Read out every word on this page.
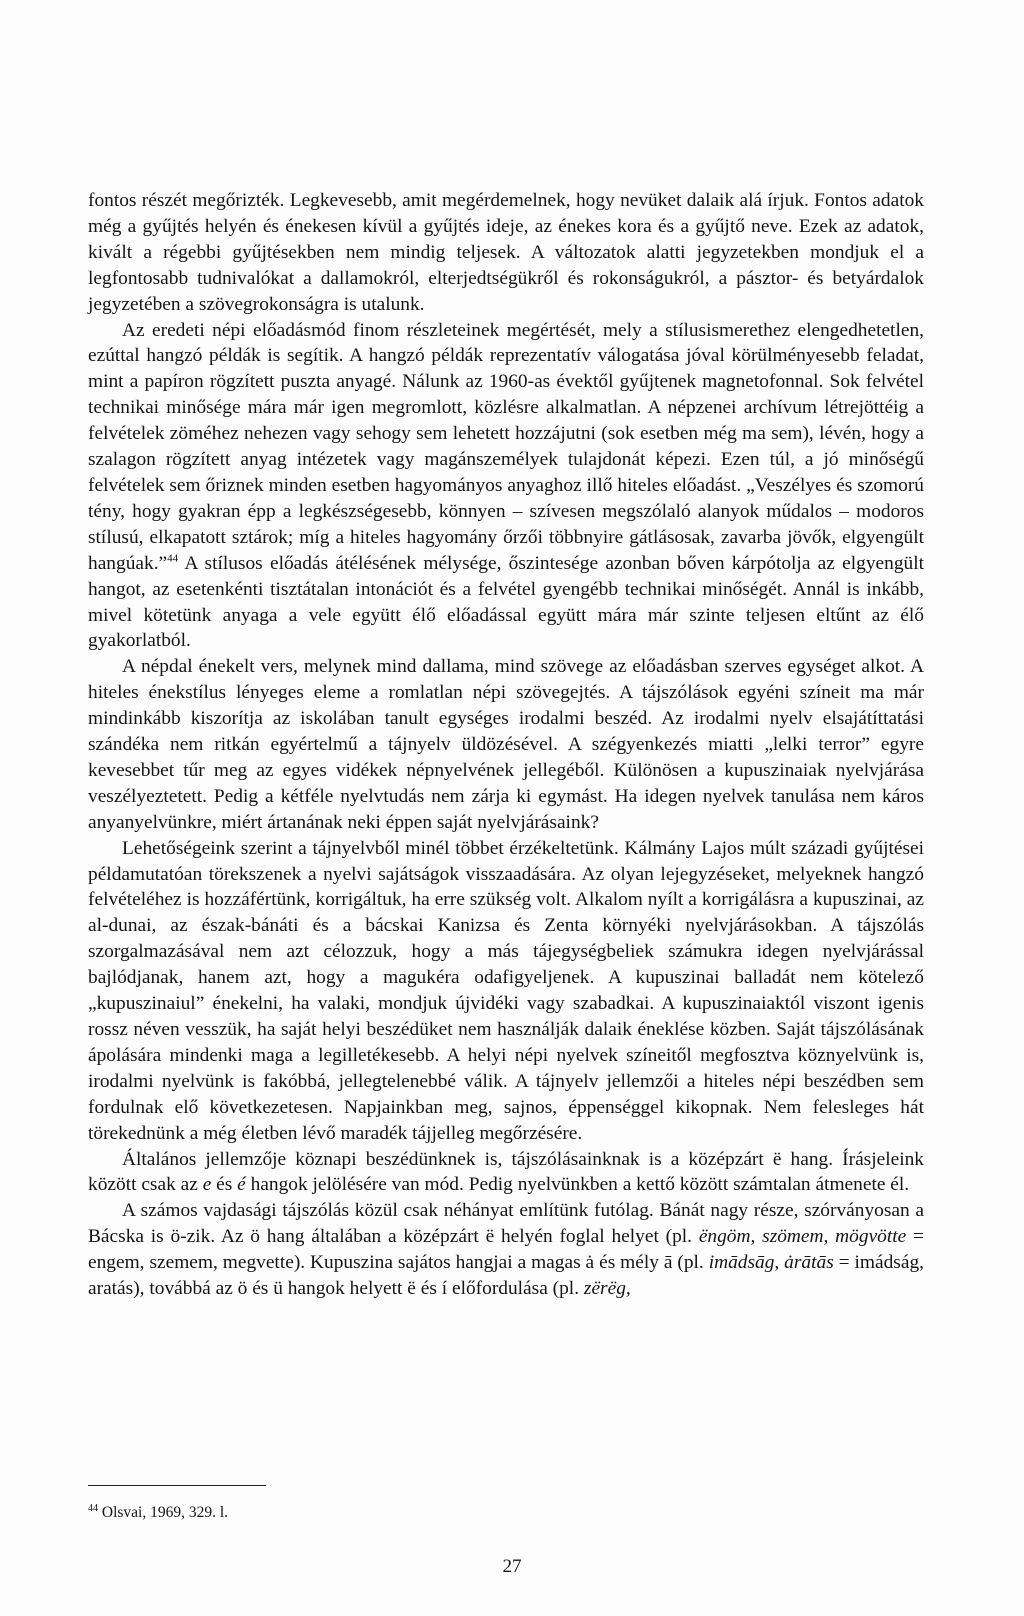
fontos részét megőrizték. Legkevesebb, amit megérdemelnek, hogy nevüket dalaik alá írjuk. Fontos adatok még a gyűjtés helyén és énekesen kívül a gyűjtés ideje, az énekes kora és a gyűjtő neve. Ezek az adatok, kivált a régebbi gyűjtésekben nem mindig teljesek. A változatok alatti jegyzetekben mondjuk el a legfontosabb tudnivalókat a dallamokról, elterjedtségükről és rokonságukról, a pásztor- és betyárdalok jegyzetében a szövegrokonságra is utalunk.

Az eredeti népi előadásmód finom részleteinek megértését, mely a stílusismerethez elengedhetetlen, ezúttal hangzó példák is segítik. A hangzó példák reprezentatív válogatása jóval körülményesebb feladat, mint a papíron rögzített puszta anyagé. Nálunk az 1960-as évektől gyűjtenek magnetofonnal. Sok felvétel technikai minősége mára már igen megromlott, közlésre alkalmatlan. A népzenei archívum létrejöttéig a felvételek zöméhez nehezen vagy sehogy sem lehetett hozzájutni (sok esetben még ma sem), lévén, hogy a szalagon rögzített anyag intézetek vagy magánszemélyek tulajdonát képezi. Ezen túl, a jó minőségű felvételek sem őriznek minden esetben hagyományos anyaghoz illő hiteles előadást. „Veszélyes és szomorú tény, hogy gyakran épp a legkészségesebb, könnyen – szívesen megszólaló alanyok műdalos – modoros stílusú, elkapatott sztárok; míg a hiteles hagyomány őrzői többnyire gátlásosak, zavarba jövők, elgyengült hangúak.”$^{44}$ A stílusos előadás átélésének mélysége, őszintesége azonban bőven kárpótolja az elgyengült hangot, az esetenkénti tisztátalan intonációt és a felvétel gyengébb technikai minőségét. Annál is inkább, mivel kötetünk anyaga a vele együtt élő előadással együtt mára már szinte teljesen eltűnt az élő gyakorlatból.

A népdal énekelt vers, melynek mind dallama, mind szövege az előadásban szerves egységet alkot. A hiteles énekstílus lényeges eleme a romlatlan népi szövegejtés. A tájszólások egyéni színeit ma már mindinkább kiszorítja az iskolában tanult egységes irodalmi beszéd. Az irodalmi nyelv elsajátíttatási szándéka nem ritkán egyértelmű a tájnyelv üldözésével. A szégyenkezés miatti „lelki terror” egyre kevesebbet tűr meg az egyes vidékek népnyelvének jellegéből. Különösen a kupuszinaiak nyelvjárása veszélyeztetett. Pedig a kétféle nyelvtudás nem zárja ki egymást. Ha idegen nyelvek tanulása nem káros anyanyelvünkre, miért ártanának neki éppen saját nyelvjárásaink?

Lehetőségeink szerint a tájnyelvből minél többet érzékeltetünk. Kálmány Lajos múlt századi gyűjtései példamutatóan törekszenek a nyelvi sajátságok visszaadására. Az olyan lejegyzéseket, melyeknek hangzó felvételéhez is hozzáfértünk, korrigáltuk, ha erre szükség volt. Alkalom nyílt a korrigálásra a kupuszinai, az al-dunai, az észak-bánáti és a bácskai Kanizsa és Zenta környéki nyelvjárásokban. A tájszólás szorgalmazásával nem azt célozzuk, hogy a más tájegységbeliek számukra idegen nyelvjárással bajlódjanak, hanem azt, hogy a magukéra odafigyeljenek. A kupuszinai balladát nem kötelező „kupuszinaiul” énekelni, ha valaki, mondjuk újvidéki vagy szabadkai. A kupuszinaiaktól viszont igenis rossz néven vesszük, ha saját helyi beszédüket nem használják dalaik éneklése közben. Saját tájszólásának ápolására mindenki maga a legilletékesebb. A helyi népi nyelvek színeitől megfosztva köznyelvünk is, irodalmi nyelvünk is fakóbbá, jellegtelenebbé válik. A tájnyelv jellemzői a hiteles népi beszédben sem fordulnak elő következetesen. Napjainkban meg, sajnos, éppenséggel kikopnak. Nem felesleges hát törekednünk a még életben lévő maradék tájjelleg megőrzésére.

Általános jellemzője köznapi beszédünknek is, tájszólásainknak is a középzárt ë hang. Írásjeleink között csak az e és é hangok jelölésére van mód. Pedig nyelvünkben a kettő között számtalan átmenete él.

A számos vajdasági tájszólás közül csak néhányat említünk futólag. Bánát nagy része, szórványosan a Bácska is ö-zik. Az ö hang általában a középzárt ë helyén foglal helyet (pl. ëngöm, szömem, mögvötte = engem, szemem, megvette). Kupuszina sajátos hangjai a magas ȧ és mély ā (pl. imādsāg, ȧrātās = imádság, aratás), továbbá az ö és ü hangok helyett ë és í előfordulása (pl. zërëg,

$^{44}$ Olsvai, 1969, 329. l.
27
